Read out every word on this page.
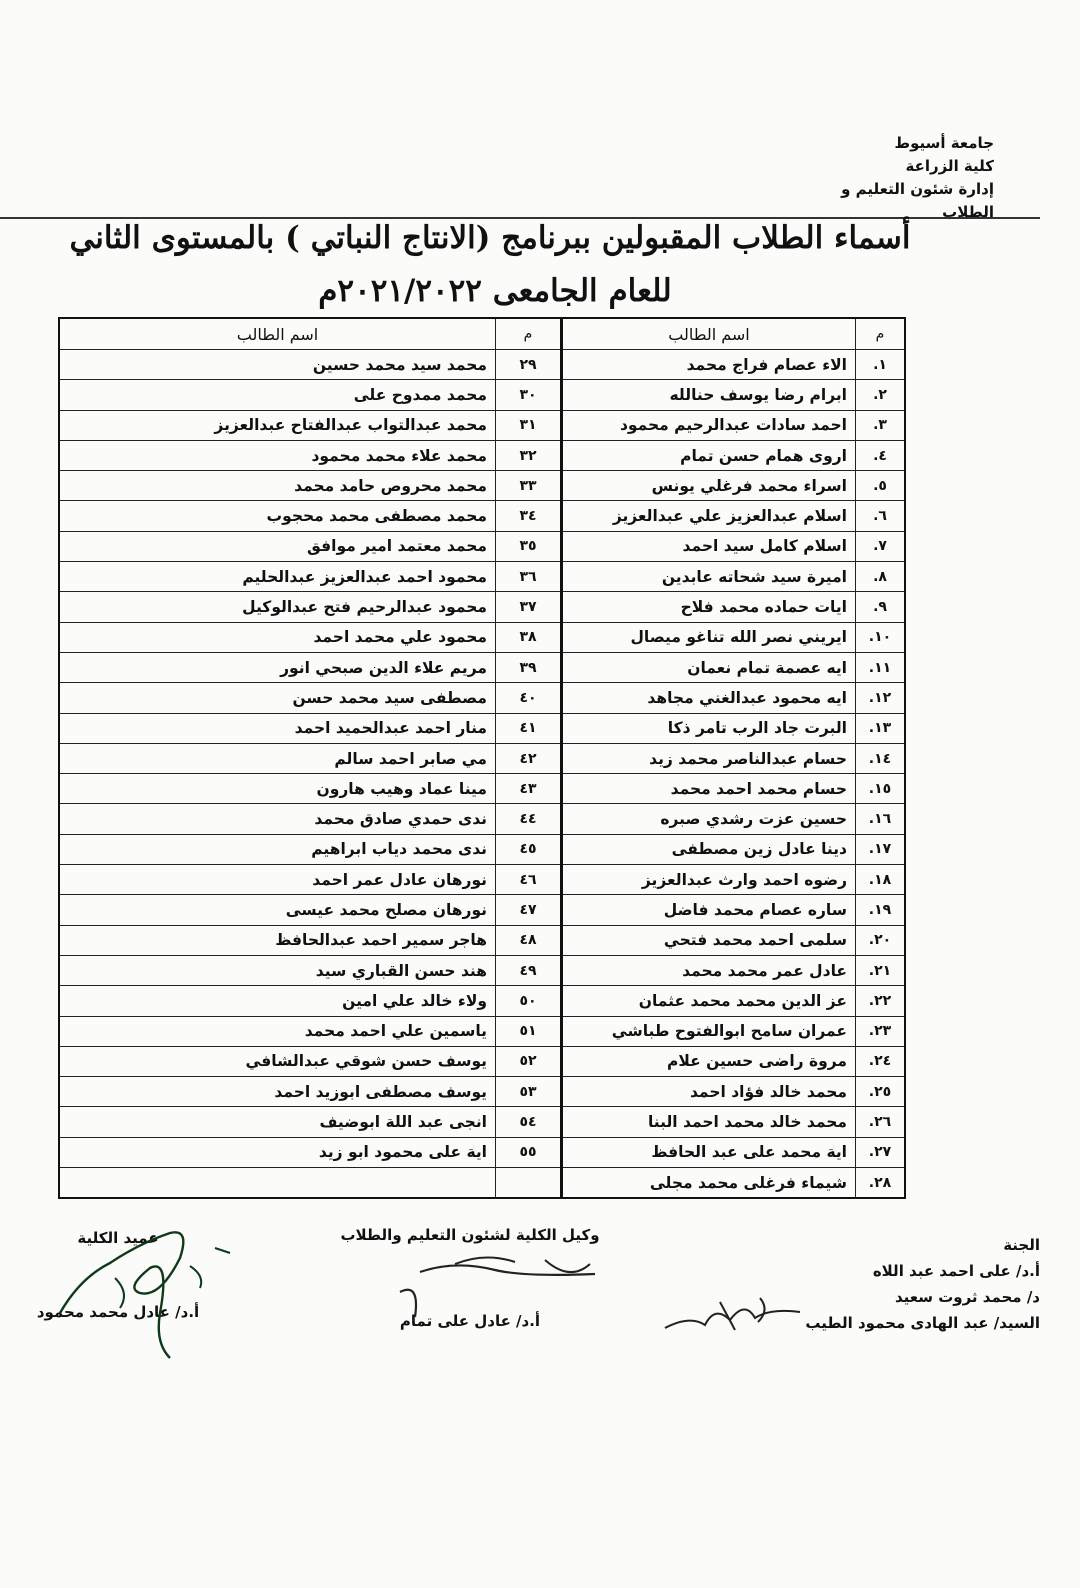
جامعة أسيوط
كلية الزراعة
إدارة شئون التعليم و الطلاب
أسماء الطلاب المقبولين ببرنامج (الانتاج النباتي ) بالمستوى الثاني
للعام الجامعى ٢٠٢١/٢٠٢٢م
م	اسم الطالب	م	اسم الطالب
١.	الاء عصام فراج محمد	٢٩	محمد سيد محمد حسين
٢.	ابرام رضا يوسف حنالله	٣٠	محمد ممدوح على
٣.	احمد سادات عبدالرحيم محمود	٣١	محمد عبدالتواب عبدالفتاح عبدالعزيز
٤.	اروى همام حسن تمام	٣٢	محمد علاء محمد محمود
٥.	اسراء محمد فرغلي يونس	٣٣	محمد محروص حامد محمد
٦.	اسلام عبدالعزيز علي عبدالعزيز	٣٤	محمد مصطفى محمد محجوب
٧.	اسلام كامل سيد احمد	٣٥	محمد معتمد امير موافق
٨.	اميرة سيد شحاته عابدين	٣٦	محمود احمد عبدالعزيز عبدالحليم
٩.	ايات حماده محمد فلاح	٣٧	محمود عبدالرحيم فتح عبدالوكيل
١٠.	ايريني نصر الله تناغو ميصال	٣٨	محمود علي محمد احمد
١١.	ايه عصمة تمام نعمان	٣٩	مريم علاء الدين صبحي انور
١٢.	ايه محمود عبدالغني مجاهد	٤٠	مصطفى سيد محمد حسن
١٣.	البرت جاد الرب تامر ذكا	٤١	منار احمد عبدالحميد احمد
١٤.	حسام عبدالناصر محمد زيد	٤٢	مي صابر احمد سالم
١٥.	حسام محمد احمد محمد	٤٣	مينا عماد وهيب هارون
١٦.	حسين عزت رشدي صبره	٤٤	ندى حمدي صادق محمد
١٧.	دينا عادل زين مصطفى	٤٥	ندى محمد دياب ابراهيم
١٨.	رضوه احمد وارث عبدالعزيز	٤٦	نورهان عادل عمر احمد
١٩.	ساره عصام محمد فاضل	٤٧	نورهان مصلح محمد عيسى
٢٠.	سلمى احمد محمد فتحي	٤٨	هاجر سمير احمد عبدالحافظ
٢١.	عادل عمر محمد محمد	٤٩	هند حسن القباري سيد
٢٢.	عز الدين محمد محمد عثمان	٥٠	ولاء خالد علي امين
٢٣.	عمران سامح ابوالفتوح طباشي	٥١	ياسمين علي احمد محمد
٢٤.	مروة راضى حسين علام	٥٢	يوسف حسن شوقي عبدالشافي
٢٥.	محمد خالد فؤاد احمد	٥٣	يوسف مصطفى ابوزيد احمد
٢٦.	محمد خالد محمد احمد البنا	٥٤	انجى عبد اللة ابوضيف
٢٧.	اية محمد على عبد الحافظ	٥٥	اية على محمود ابو زيد
٢٨.	شيماء فرغلى محمد مجلى		
الجنة
أ.د/ على احمد عبد اللاه
د/ محمد ثروت سعيد
السيد/ عبد الهادى محمود الطيب
وكيل الكلية لشئون التعليم والطلاب
أ.د/ عادل على تمام
عميد الكلية
أ.د/ عادل محمد محمود
